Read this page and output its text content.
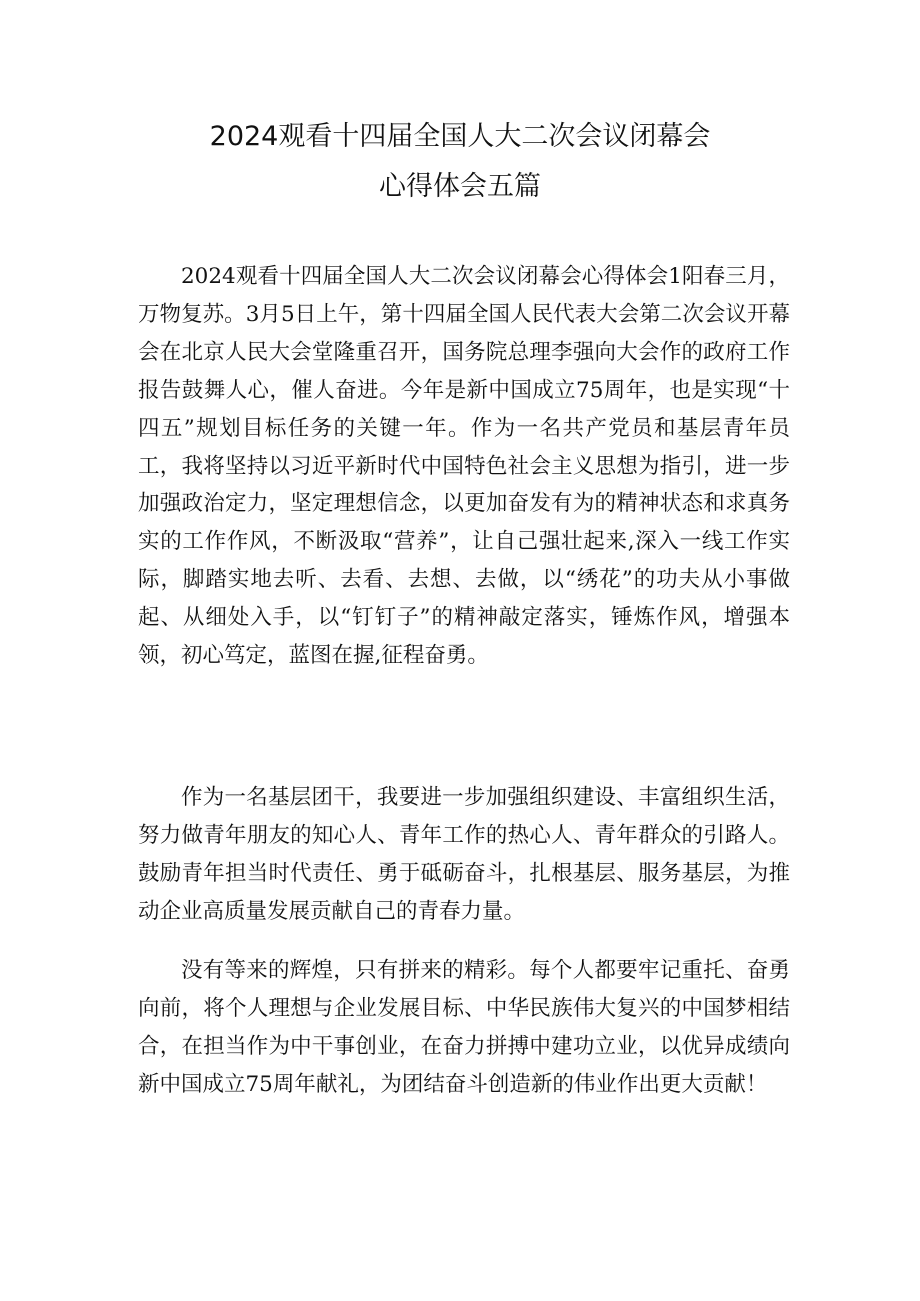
2024观看十四届全国人大二次会议闭幕会
心得体会五篇

2024观看十四届全国人大二次会议闭幕会心得体会1阳春三月，万物复苏。3月5日上午，第十四届全国人民代表大会第二次会议开幕会在北京人民大会堂隆重召开，国务院总理李强向大会作的政府工作报告鼓舞人心，催人奋进。今年是新中国成立75周年，也是实现“十四五”规划目标任务的关键一年。作为一名共产党员和基层青年员工，我将坚持以习近平新时代中国特色社会主义思想为指引，进一步加强政治定力，坚定理想信念，以更加奋发有为的精神状态和求真务实的工作作风，不断汲取“营养”，让自己强壮起来,深入一线工作实际，脚踏实地去听、去看、去想、去做，以“绣花”的功夫从小事做起、从细处入手，以“钉钉子”的精神敲定落实，锤炼作风，增强本领，初心笃定，蓝图在握,征程奋勇。

作为一名基层团干，我要进一步加强组织建设、丰富组织生活，努力做青年朋友的知心人、青年工作的热心人、青年群众的引路人。鼓励青年担当时代责任、勇于砥砺奋斗，扎根基层、服务基层，为推动企业高质量发展贡献自己的青春力量。

没有等来的辉煌，只有拼来的精彩。每个人都要牢记重托、奋勇向前，将个人理想与企业发展目标、中华民族伟大复兴的中国梦相结合，在担当作为中干事创业，在奋力拼搏中建功立业，以优异成绩向新中国成立75周年献礼，为团结奋斗创造新的伟业作出更大贡献！
